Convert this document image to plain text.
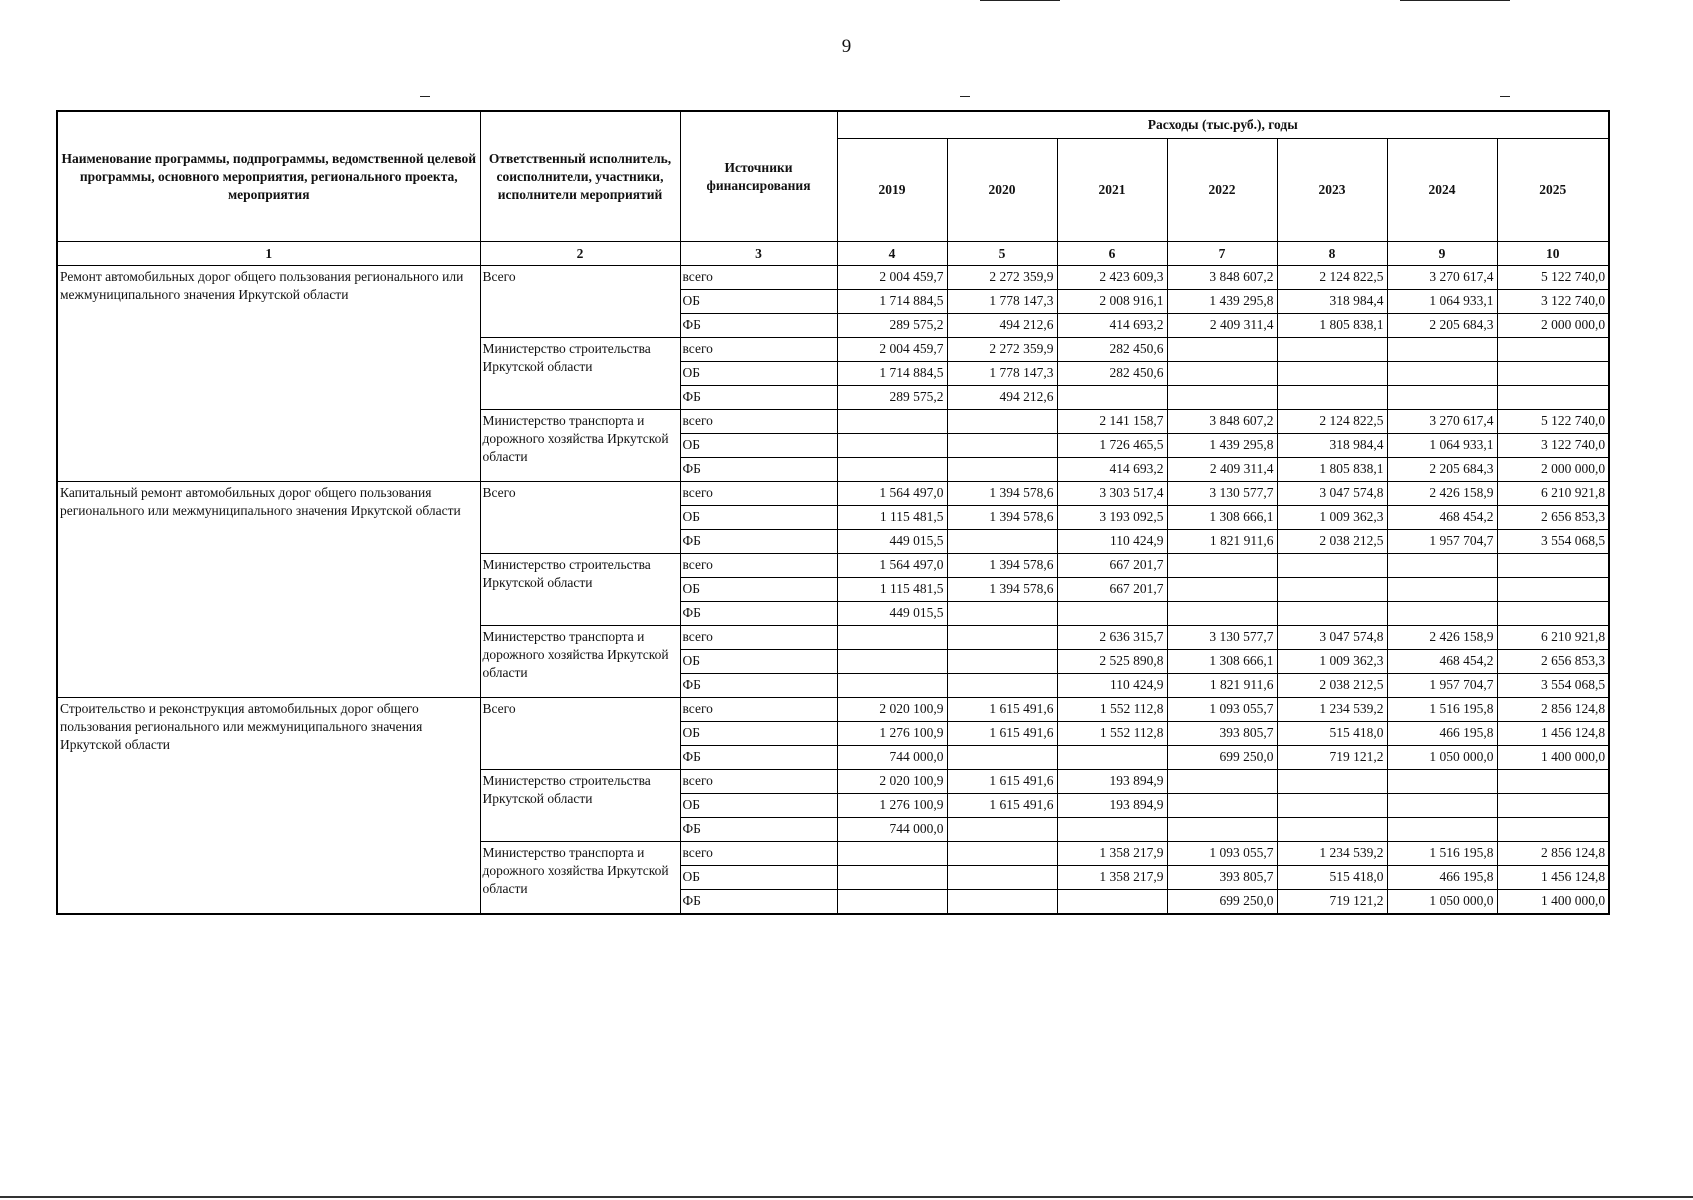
9
Наименование программы, подпрограммы, ведомственной целевой программы, основного мероприятия, регионального проекта, мероприятия	Ответственный исполнитель, соисполнители, участники, исполнители мероприятий	Источники финансирования	Расходы (тыс.руб.), годы						
			2019	2020	2021	2022	2023	2024	2025
1	2	3	4	5	6	7	8	9	10
Ремонт автомобильных дорог общего пользования регионального или межмуниципального значения Иркутской области	Всего	всего	2 004 459,7	2 272 359,9	2 423 609,3	3 848 607,2	2 124 822,5	3 270 617,4	5 122 740,0
		ОБ	1 714 884,5	1 778 147,3	2 008 916,1	1 439 295,8	318 984,4	1 064 933,1	3 122 740,0
		ФБ	289 575,2	494 212,6	414 693,2	2 409 311,4	1 805 838,1	2 205 684,3	2 000 000,0
	Министерство строительства Иркутской области	всего	2 004 459,7	2 272 359,9	282 450,6				
		ОБ	1 714 884,5	1 778 147,3	282 450,6				
		ФБ	289 575,2	494 212,6					
	Министерство транспорта и дорожного хозяйства Иркутской области	всего			2 141 158,7	3 848 607,2	2 124 822,5	3 270 617,4	5 122 740,0
		ОБ			1 726 465,5	1 439 295,8	318 984,4	1 064 933,1	3 122 740,0
		ФБ			414 693,2	2 409 311,4	1 805 838,1	2 205 684,3	2 000 000,0
Капитальный ремонт автомобильных дорог общего пользования регионального или межмуниципального значения Иркутской области	Всего	всего	1 564 497,0	1 394 578,6	3 303 517,4	3 130 577,7	3 047 574,8	2 426 158,9	6 210 921,8
		ОБ	1 115 481,5	1 394 578,6	3 193 092,5	1 308 666,1	1 009 362,3	468 454,2	2 656 853,3
		ФБ	449 015,5		110 424,9	1 821 911,6	2 038 212,5	1 957 704,7	3 554 068,5
	Министерство строительства Иркутской области	всего	1 564 497,0	1 394 578,6	667 201,7				
		ОБ	1 115 481,5	1 394 578,6	667 201,7				
		ФБ	449 015,5						
	Министерство транспорта и дорожного хозяйства Иркутской области	всего			2 636 315,7	3 130 577,7	3 047 574,8	2 426 158,9	6 210 921,8
		ОБ			2 525 890,8	1 308 666,1	1 009 362,3	468 454,2	2 656 853,3
		ФБ			110 424,9	1 821 911,6	2 038 212,5	1 957 704,7	3 554 068,5
Строительство и реконструкция автомобильных дорог общего пользования регионального или межмуниципального значения Иркутской области	Всего	всего	2 020 100,9	1 615 491,6	1 552 112,8	1 093 055,7	1 234 539,2	1 516 195,8	2 856 124,8
		ОБ	1 276 100,9	1 615 491,6	1 552 112,8	393 805,7	515 418,0	466 195,8	1 456 124,8
		ФБ	744 000,0			699 250,0	719 121,2	1 050 000,0	1 400 000,0
	Министерство строительства Иркутской области	всего	2 020 100,9	1 615 491,6	193 894,9				
		ОБ	1 276 100,9	1 615 491,6	193 894,9				
		ФБ	744 000,0						
	Министерство транспорта и дорожного хозяйства Иркутской области	всего			1 358 217,9	1 093 055,7	1 234 539,2	1 516 195,8	2 856 124,8
		ОБ			1 358 217,9	393 805,7	515 418,0	466 195,8	1 456 124,8
		ФБ				699 250,0	719 121,2	1 050 000,0	1 400 000,0
